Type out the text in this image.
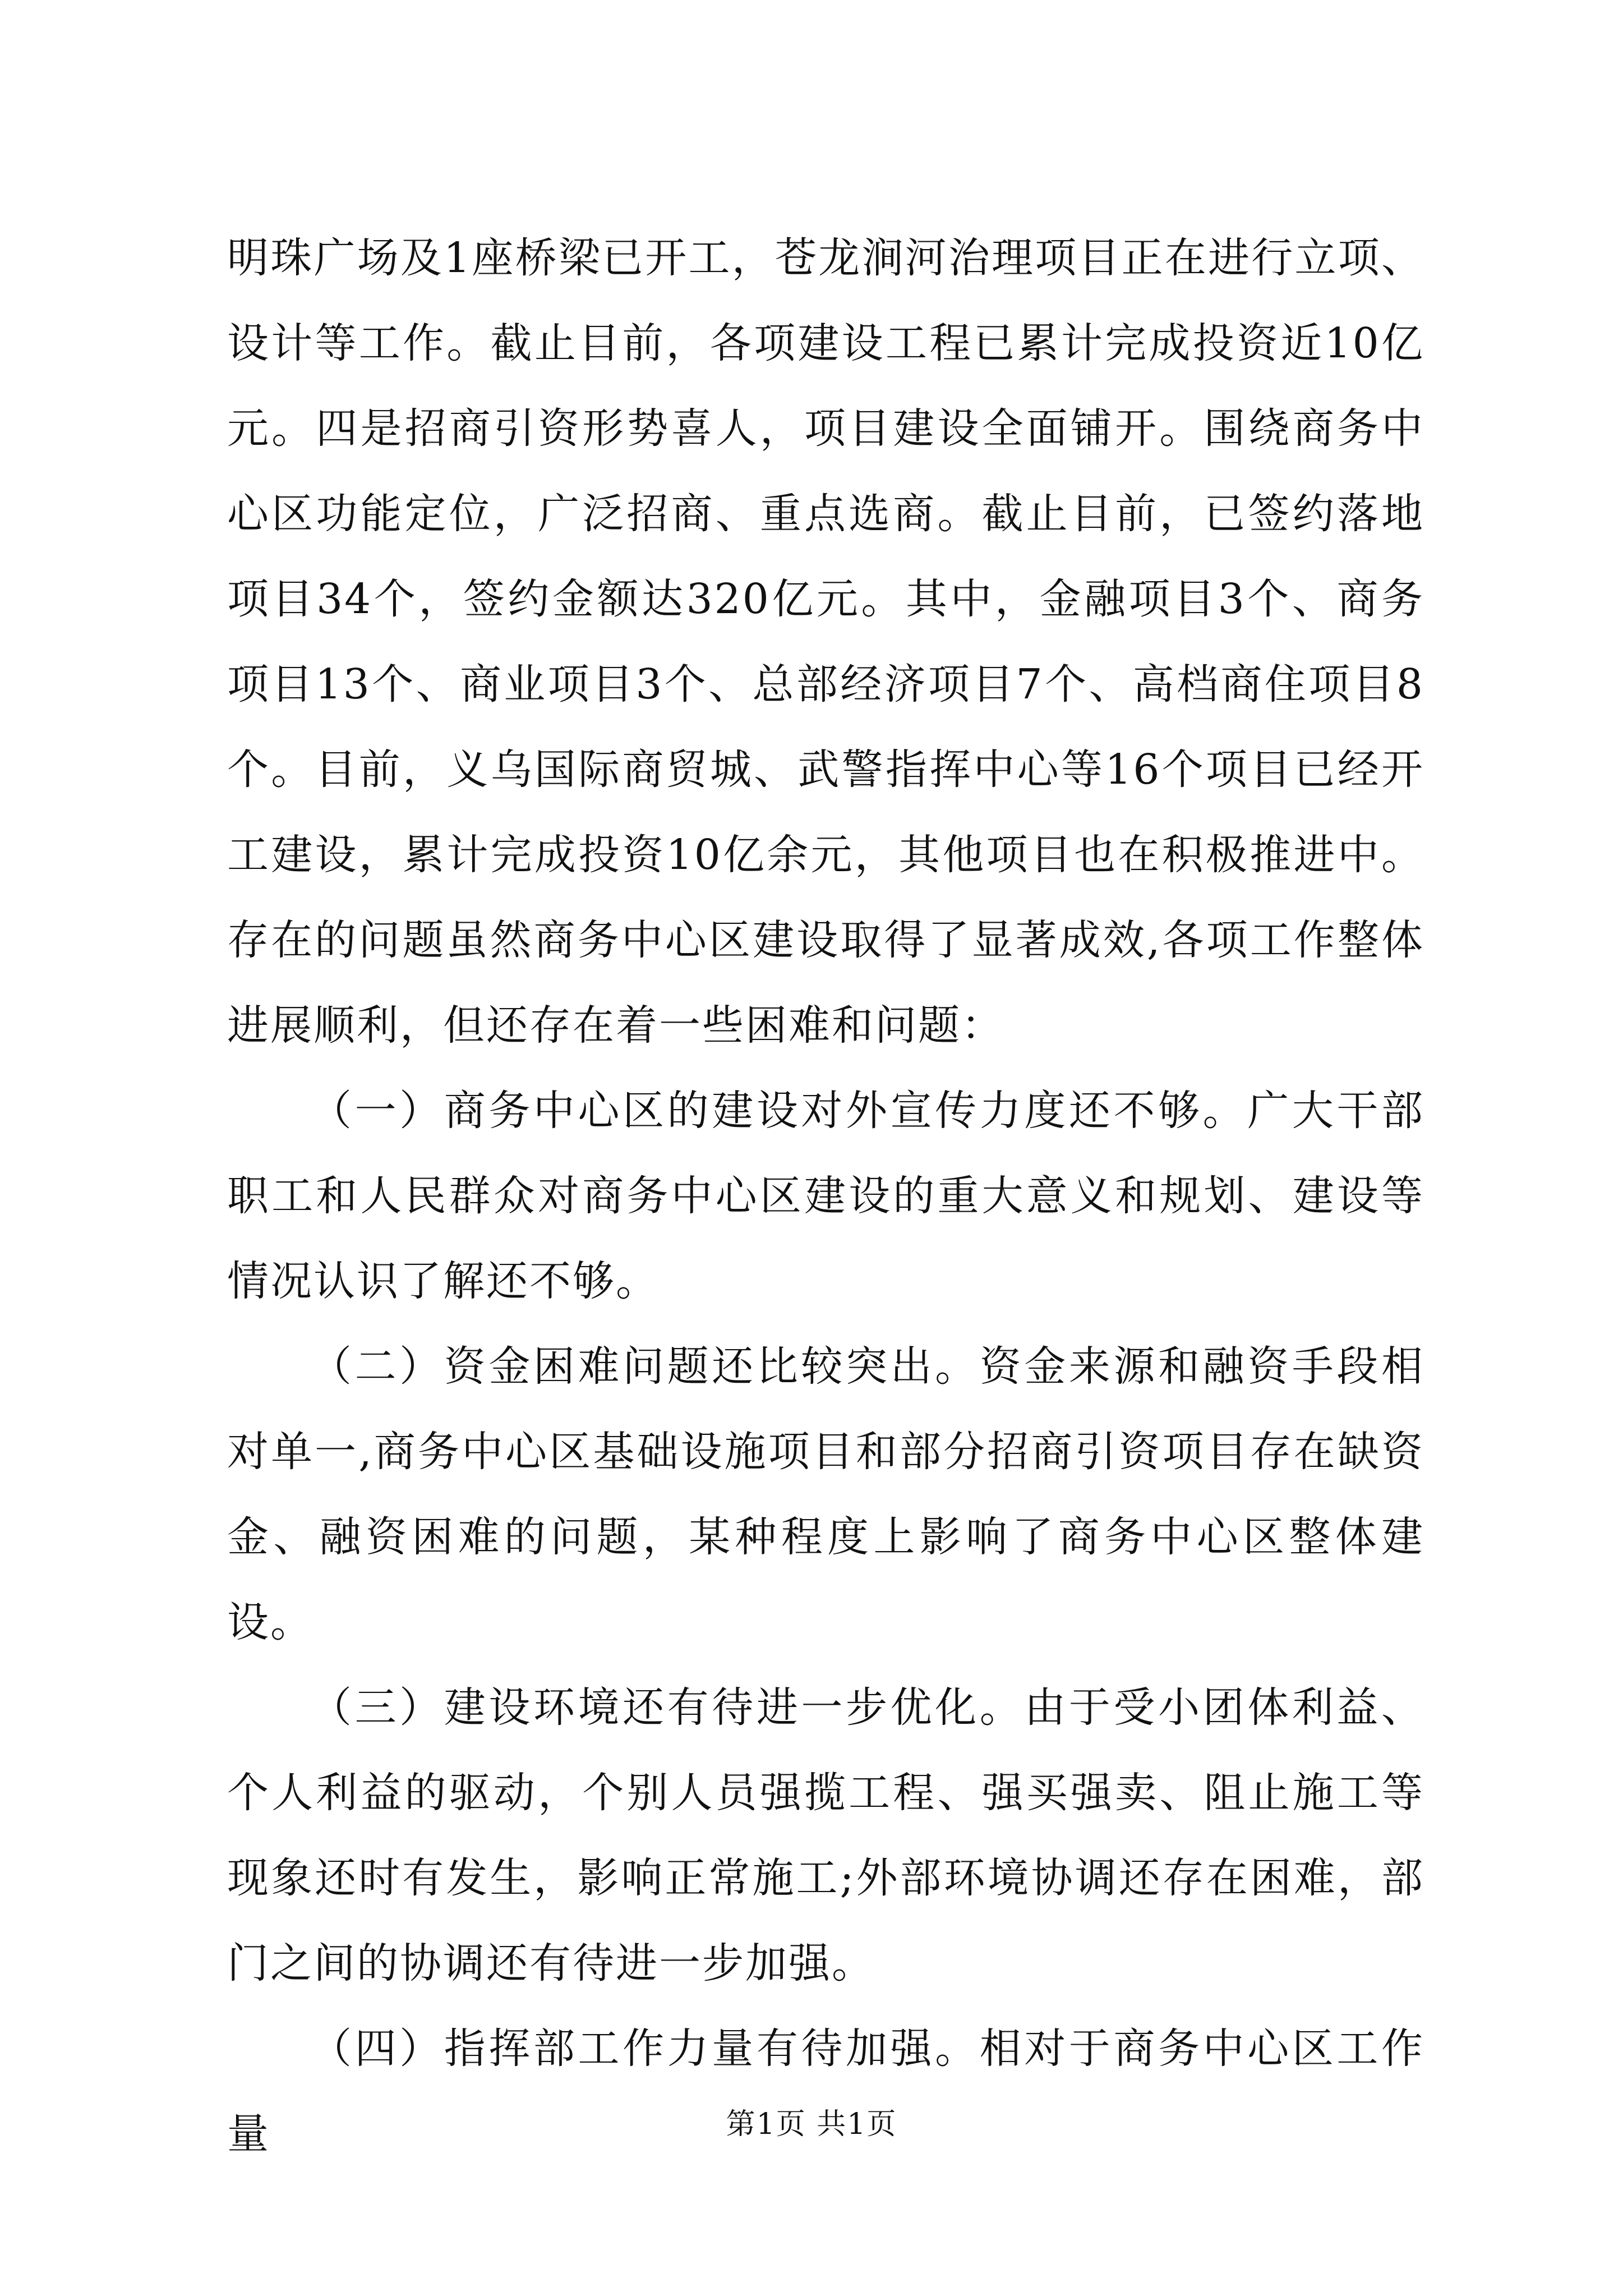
明珠广场及1座桥梁已开工，苍龙涧河治理项目正在进行立项、设计等工作。截止目前，各项建设工程已累计完成投资近10亿元。四是招商引资形势喜人，项目建设全面铺开。围绕商务中心区功能定位，广泛招商、重点选商。截止目前，已签约落地项目34个，签约金额达320亿元。其中，金融项目3个、商务项目13个、商业项目3个、总部经济项目7个、高档商住项目8个。目前，义乌国际商贸城、武警指挥中心等16个项目已经开工建设，累计完成投资10亿余元，其他项目也在积极推进中。存在的问题虽然商务中心区建设取得了显著成效,各项工作整体进展顺利，但还存在着一些困难和问题：

（一）商务中心区的建设对外宣传力度还不够。广大干部职工和人民群众对商务中心区建设的重大意义和规划、建设等情况认识了解还不够。

（二）资金困难问题还比较突出。资金来源和融资手段相对单一,商务中心区基础设施项目和部分招商引资项目存在缺资金、融资困难的问题，某种程度上影响了商务中心区整体建设。

（三）建设环境还有待进一步优化。由于受小团体利益、个人利益的驱动，个别人员强揽工程、强买强卖、阻止施工等现象还时有发生，影响正常施工;外部环境协调还存在困难，部门之间的协调还有待进一步加强。

（四）指挥部工作力量有待加强。相对于商务中心区工作量	第1页 共1页
